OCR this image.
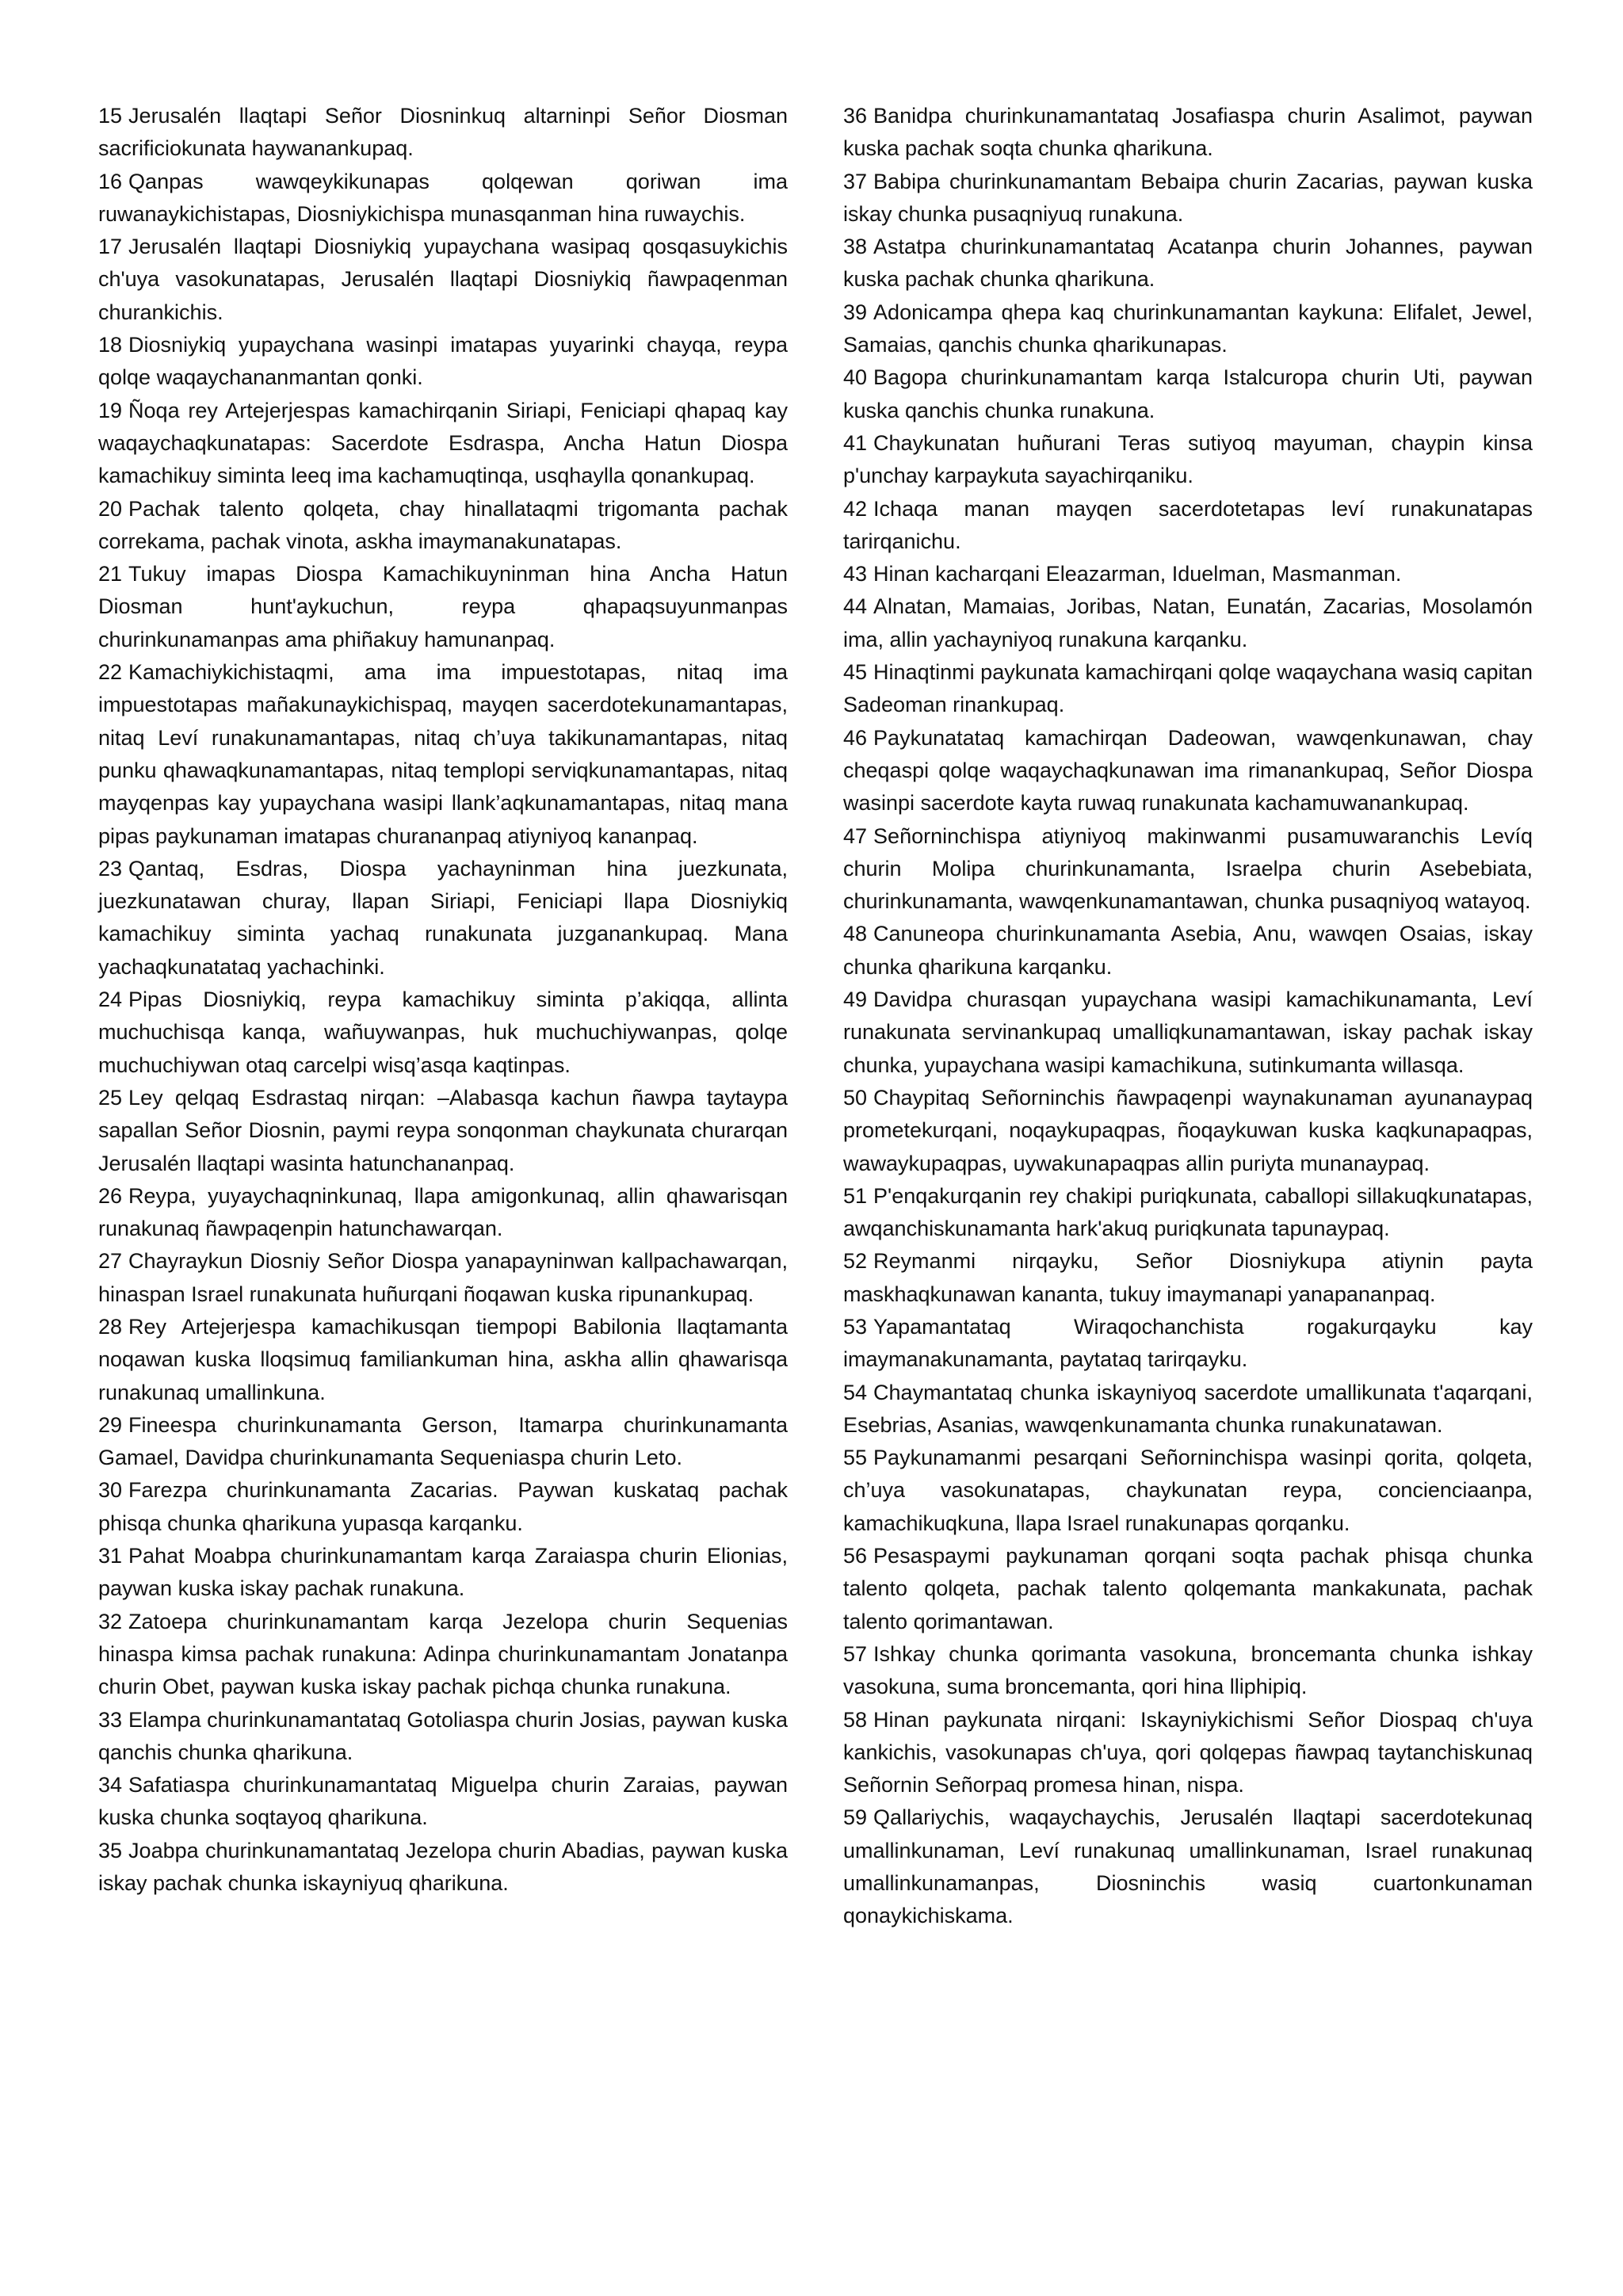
15 Jerusalén llaqtapi Señor Diosninkuq altarninpi Señor Diosman sacrificiokunata haywanankupaq.

16 Qanpas wawqeykikunapas qolqewan qoriwan ima ruwanaykichistapas, Diosniykichispa munasqanman hina ruwaychis.

17 Jerusalén llaqtapi Diosniykiq yupaychana wasipaq qosqasuykichis ch'uya vasokunatapas, Jerusalén llaqtapi Diosniykiq ñawpaqenman churankichis.

18 Diosniykiq yupaychana wasinpi imatapas yuyarinki chayqa, reypa qolqe waqaychananmantan qonki.

19 Ñoqa rey Artejerjespas kamachirqanin Siriapi, Feniciapi qhapaq kay waqaychaqkunatapas: Sacerdote Esdraspa, Ancha Hatun Diospa kamachikuy siminta leeq ima kachamuqtinqa, usqhaylla qonankupaq.

20 Pachak talento qolqeta, chay hinallataqmi trigomanta pachak correkama, pachak vinota, askha imaymanakunatapas.

21 Tukuy imapas Diospa Kamachikuyninman hina Ancha Hatun Diosman hunt'aykuchun, reypa qhapaqsuyunmanpas churinkunamanpas ama phiñakuy hamunanpaq.

22 Kamachiykichistaqmi, ama ima impuestotapas, nitaq ima impuestotapas mañakunaykichispaq, mayqen sacerdotekunamantapas, nitaq Leví runakunamantapas, nitaq ch’uya takikunamantapas, nitaq punku qhawaqkunamantapas, nitaq templopi serviqkunamantapas, nitaq mayqenpas kay yupaychana wasipi llank’aqkunamantapas, nitaq mana pipas paykunaman imatapas churananpaq atiyniyoq kananpaq.

23 Qantaq, Esdras, Diospa yachayninman hina juezkunata, juezkunatawan churay, llapan Siriapi, Feniciapi llapa Diosniykiq kamachikuy siminta yachaq runakunata juzganankupaq. Mana yachaqkunatataq yachachinki.

24 Pipas Diosniykiq, reypa kamachikuy siminta p’akiqqa, allinta muchuchisqa kanqa, wañuywanpas, huk muchuchiywanpas, qolqe muchuchiywan otaq carcelpi wisq’asqa kaqtinpas.

25 Ley qelqaq Esdrastaq nirqan: –Alabasqa kachun ñawpa taytaypa sapallan Señor Diosnin, paymi reypa sonqonman chaykunata churarqan Jerusalén llaqtapi wasinta hatunchananpaq.

26 Reypa, yuyaychaqninkunaq, llapa amigonkunaq, allin qhawarisqan runakunaq ñawpaqenpin hatunchawarqan.

27 Chayraykun Diosniy Señor Diospa yanapayninwan kallpachawarqan, hinaspan Israel runakunata huñurqani ñoqawan kuska ripunankupaq.

28 Rey Artejerjespa kamachikusqan tiempopi Babilonia llaqtamanta noqawan kuska lloqsimuq familiankuman hina, askha allin qhawarisqa runakunaq umallinkuna.

29 Fineespa churinkunamanta Gerson, Itamarpa churinkunamanta Gamael, Davidpa churinkunamanta Sequeniaspa churin Leto.

30 Farezpa churinkunamanta Zacarias. Paywan kuskataq pachak phisqa chunka qharikuna yupasqa karqanku.

31 Pahat Moabpa churinkunamantam karqa Zaraiaspa churin Elionias, paywan kuska iskay pachak runakuna.

32 Zatoepa churinkunamantam karqa Jezelopa churin Sequenias hinaspa kimsa pachak runakuna: Adinpa churinkunamantam Jonatanpa churin Obet, paywan kuska iskay pachak pichqa chunka runakuna.

33 Elampa churinkunamantataq Gotoliaspa churin Josias, paywan kuska qanchis chunka qharikuna.

34 Safatiaspa churinkunamantataq Miguelpa churin Zaraias, paywan kuska chunka soqtayoq qharikuna.

35 Joabpa churinkunamantataq Jezelopa churin Abadias, paywan kuska iskay pachak chunka iskayniyuq qharikuna.

36 Banidpa churinkunamantataq Josafiaspa churin Asalimot, paywan kuska pachak soqta chunka qharikuna.

37 Babipa churinkunamantam Bebaipa churin Zacarias, paywan kuska iskay chunka pusaqniyuq runakuna.

38 Astatpa churinkunamantataq Acatanpa churin Johannes, paywan kuska pachak chunka qharikuna.

39 Adonicampa qhepa kaq churinkunamantan kaykuna: Elifalet, Jewel, Samaias, qanchis chunka qharikunapas.

40 Bagopa churinkunamantam karqa Istalcuropa churin Uti, paywan kuska qanchis chunka runakuna.

41 Chaykunatan huñurani Teras sutiyoq mayuman, chaypin kinsa p'unchay karpaykuta sayachirqaniku.

42 Ichaqa manan mayqen sacerdotetapas leví runakunatapas tarirqanichu.

43 Hinan kacharqani Eleazarman, Iduelman, Masmanman.

44 Alnatan, Mamaias, Joribas, Natan, Eunatán, Zacarias, Mosolamón ima, allin yachayniyoq runakuna karqanku.

45 Hinaqtinmi paykunata kamachirqani qolqe waqaychana wasiq capitan Sadeoman rinankupaq.

46 Paykunatataq kamachirqan Dadeowan, wawqenkunawan, chay cheqaspi qolqe waqaychaqkunawan ima rimanankupaq, Señor Diospa wasinpi sacerdote kayta ruwaq runakunata kachamuwanankupaq.

47 Señorninchispa atiyniyoq makinwanmi pusamuwaranchis Levíq churin Molipa churinkunamanta, Israelpa churin Asebebiata, churinkunamanta, wawqenkunamantawan, chunka pusaqniyoq watayoq.

48 Canuneopa churinkunamanta Asebia, Anu, wawqen Osaias, iskay chunka qharikuna karqanku.

49 Davidpa churasqan yupaychana wasipi kamachikunamanta, Leví runakunata servinankupaq umalliqkunamantawan, iskay pachak iskay chunka, yupaychana wasipi kamachikuna, sutinkumanta willasqa.

50 Chaypitaq Señorninchis ñawpaqenpi waynakunaman ayunanaypaq prometekurqani, noqaykupaqpas, ñoqaykuwan kuska kaqkunapaqpas, wawaykupaqpas, uywakunapaqpas allin puriyta munanaypaq.

51 P'enqakurqanin rey chakipi puriqkunata, caballopi sillakuqkunatapas, awqanchiskunamanta hark'akuq puriqkunata tapunaypaq.

52 Reymanmi nirqayku, Señor Diosniykupa atiynin payta maskhaqkunawan kananta, tukuy imaymanapi yanapananpaq.

53 Yapamantataq Wiraqochanchista rogakurqayku kay imaymanakunamanta, paytataq tarirqayku.

54 Chaymantataq chunka iskayniyoq sacerdote umallikunata t'aqarqani, Esebrias, Asanias, wawqenkunamanta chunka runakunatawan.

55 Paykunamanmi pesarqani Señorninchispa wasinpi qorita, qolqeta, ch’uya vasokunatapas, chaykunatan reypa, concienciaanpa, kamachikuqkuna, llapa Israel runakunapas qorqanku.

56 Pesaspaymi paykunaman qorqani soqta pachak phisqa chunka talento qolqeta, pachak talento qolqemanta mankakunata, pachak talento qorimantawan.

57 Ishkay chunka qorimanta vasokuna, broncemanta chunka ishkay vasokuna, suma broncemanta, qori hina lliphipiq.

58 Hinan paykunata nirqani: Iskayniykichismi Señor Diospaq ch'uya kankichis, vasokunapas ch'uya, qori qolqepas ñawpaq taytanchiskunaq Señornin Señorpaq promesa hinan, nispa.

59 Qallariychis, waqaychaychis, Jerusalén llaqtapi sacerdotekunaq umallinkunaman, Leví runakunaq umallinkunaman, Israel runakunaq umallinkunamanpas, Diosninchis wasiq cuartonkunaman qonaykichiskama.
